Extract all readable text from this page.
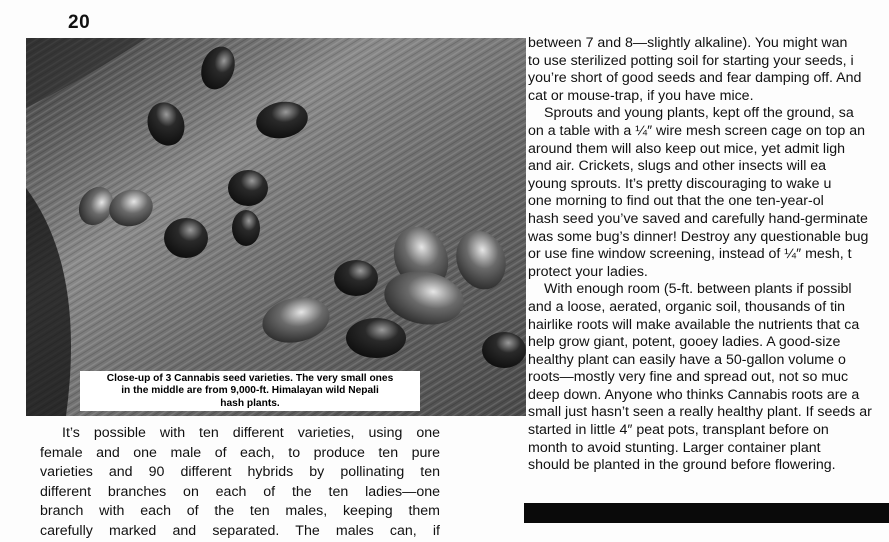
20
Close-up of 3 Cannabis seed varieties. The very small ones
in the middle are from 9,000-ft. Himalayan wild Nepali
hash plants.
It’s possible with ten different varieties, using one
female and one male of each, to produce ten pure
varieties and 90 different hybrids by pollinating ten
different branches on each of the ten ladies—one
branch with each of the ten males, keeping them
carefully marked and separated. The males can, if
between 7 and 8—slightly alkaline). You might wan
to use sterilized potting soil for starting your seeds, i
you’re short of good seeds and fear damping off. And
cat or mouse-trap, if you have mice.
Sprouts and young plants, kept off the ground, sa
on a table with a ¼″ wire mesh screen cage on top an
around them will also keep out mice, yet admit ligh
and air. Crickets, slugs and other insects will ea
young sprouts. It’s pretty discouraging to wake u
one morning to find out that the one ten-year-ol
hash seed you’ve saved and carefully hand-germinate
was some bug’s dinner! Destroy any questionable bug
or use fine window screening, instead of ¼″ mesh, t
protect your ladies.
With enough room (5-ft. between plants if possibl
and a loose, aerated, organic soil, thousands of tin
hairlike roots will make available the nutrients that ca
help grow giant, potent, gooey ladies. A good-size
healthy plant can easily have a 50-gallon volume o
roots—mostly very fine and spread out, not so muc
deep down. Anyone who thinks Cannabis roots are a
small just hasn’t seen a really healthy plant. If seeds ar
started in little 4″ peat pots, transplant before on
month to avoid stunting. Larger container plant
should be planted in the ground before flowering.
